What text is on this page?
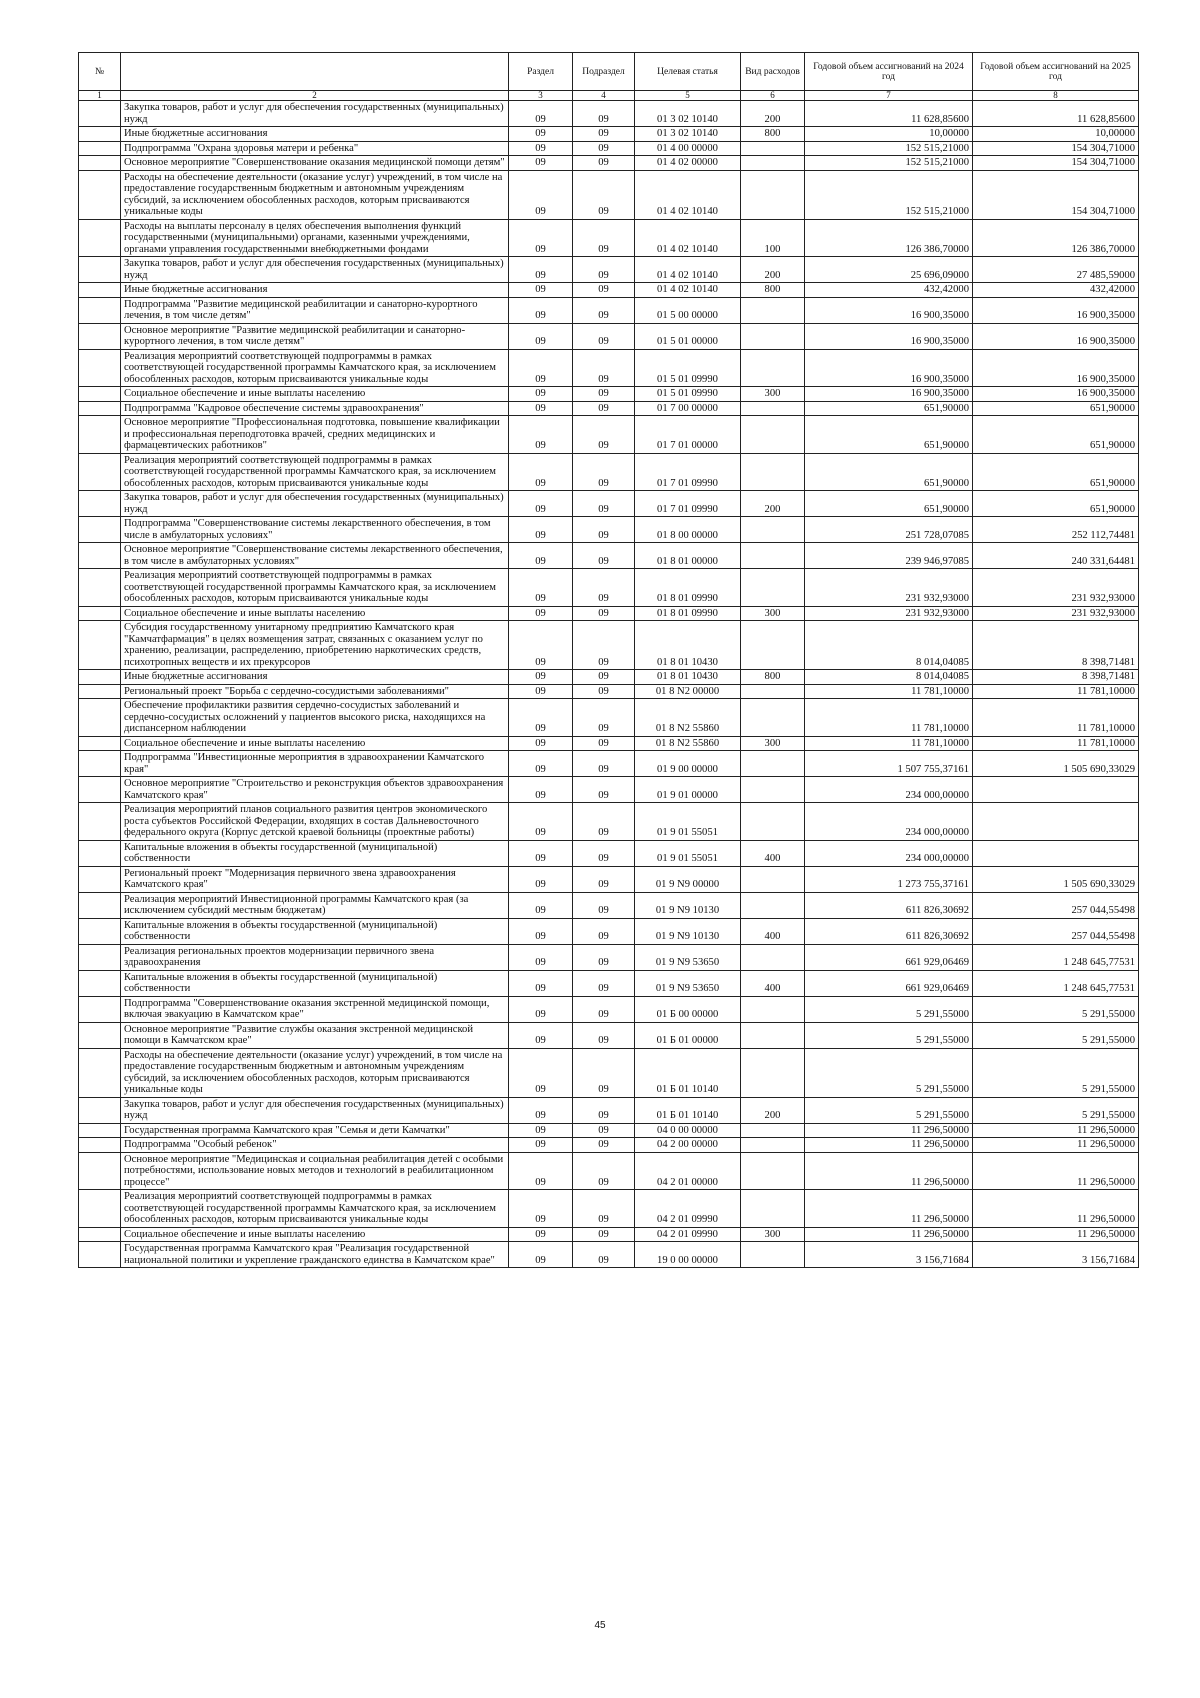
№		Раздел	Подраздел	Целевая статья	Вид расходов	Годовой объем ассигнований на 2024 год	Годовой объем ассигнований на 2025 год
1	2	3	4	5	6	7	8
	Закупка товаров, работ и услуг для обеспечения государственных (муниципальных) нужд	09	09	01 3 02 10140	200	11 628,85600	11 628,85600
	Иные бюджетные ассигнования	09	09	01 3 02 10140	800	10,00000	10,00000
	Подпрограмма "Охрана здоровья матери и ребенка"	09	09	01 4 00 00000		152 515,21000	154 304,71000
	Основное мероприятие "Совершенствование оказания медицинской помощи детям"	09	09	01 4 02 00000		152 515,21000	154 304,71000
	Расходы на обеспечение деятельности (оказание услуг) учреждений, в том числе на предоставление государственным бюджетным и автономным учреждениям субсидий, за исключением обособленных расходов, которым присваиваются уникальные коды	09	09	01 4 02 10140		152 515,21000	154 304,71000
	Расходы на выплаты персоналу в целях обеспечения выполнения функций государственными (муниципальными) органами, казенными учреждениями, органами управления государственными внебюджетными фондами	09	09	01 4 02 10140	100	126 386,70000	126 386,70000
	Закупка товаров, работ и услуг для обеспечения государственных (муниципальных) нужд	09	09	01 4 02 10140	200	25 696,09000	27 485,59000
	Иные бюджетные ассигнования	09	09	01 4 02 10140	800	432,42000	432,42000
	Подпрограмма "Развитие медицинской реабилитации и санаторно-курортного лечения, в том числе детям"	09	09	01 5 00 00000		16 900,35000	16 900,35000
	Основное мероприятие "Развитие медицинской реабилитации и санаторно-курортного лечения, в том числе детям"	09	09	01 5 01 00000		16 900,35000	16 900,35000
	Реализация мероприятий соответствующей подпрограммы в рамках соответствующей государственной программы Камчатского края, за исключением обособленных расходов, которым присваиваются уникальные коды	09	09	01 5 01 09990		16 900,35000	16 900,35000
	Социальное обеспечение и иные выплаты населению	09	09	01 5 01 09990	300	16 900,35000	16 900,35000
	Подпрограмма "Кадровое обеспечение системы здравоохранения"	09	09	01 7 00 00000		651,90000	651,90000
	Основное мероприятие "Профессиональная подготовка, повышение квалификации и профессиональная переподготовка врачей, средних медицинских и фармацевтических работников"	09	09	01 7 01 00000		651,90000	651,90000
	Реализация мероприятий соответствующей подпрограммы в рамках соответствующей государственной программы Камчатского края, за исключением обособленных расходов, которым присваиваются уникальные коды	09	09	01 7 01 09990		651,90000	651,90000
	Закупка товаров, работ и услуг для обеспечения государственных (муниципальных) нужд	09	09	01 7 01 09990	200	651,90000	651,90000
	Подпрограмма "Совершенствование системы лекарственного обеспечения, в том числе в амбулаторных условиях"	09	09	01 8 00 00000		251 728,07085	252 112,74481
	Основное мероприятие "Совершенствование системы лекарственного обеспечения, в том числе в амбулаторных условиях"	09	09	01 8 01 00000		239 946,97085	240 331,64481
	Реализация мероприятий соответствующей подпрограммы в рамках соответствующей государственной программы Камчатского края, за исключением обособленных расходов, которым присваиваются уникальные коды	09	09	01 8 01 09990		231 932,93000	231 932,93000
	Социальное обеспечение и иные выплаты населению	09	09	01 8 01 09990	300	231 932,93000	231 932,93000
	Субсидия государственному унитарному предприятию Камчатского края "Камчатфармация" в целях возмещения затрат, связанных с оказанием услуг по хранению, реализации, распределению, приобретению наркотических средств, психотропных веществ и их прекурсоров	09	09	01 8 01 10430		8 014,04085	8 398,71481
	Иные бюджетные ассигнования	09	09	01 8 01 10430	800	8 014,04085	8 398,71481
	Региональный проект "Борьба с сердечно-сосудистыми заболеваниями"	09	09	01 8 N2 00000		11 781,10000	11 781,10000
	Обеспечение профилактики развития сердечно-сосудистых заболеваний и сердечно-сосудистых осложнений у пациентов высокого риска, находящихся на диспансерном наблюдении	09	09	01 8 N2 55860		11 781,10000	11 781,10000
	Социальное обеспечение и иные выплаты населению	09	09	01 8 N2 55860	300	11 781,10000	11 781,10000
	Подпрограмма "Инвестиционные мероприятия в здравоохранении Камчатского края"	09	09	01 9 00 00000		1 507 755,37161	1 505 690,33029
	Основное мероприятие "Строительство и реконструкция объектов здравоохранения Камчатского края"	09	09	01 9 01 00000		234 000,00000	
	Реализация мероприятий планов социального развития центров экономического роста субъектов Российской Федерации, входящих в состав Дальневосточного федерального округа (Корпус детской краевой больницы (проектные работы)	09	09	01 9 01 55051		234 000,00000	
	Капитальные вложения в объекты государственной (муниципальной) собственности	09	09	01 9 01 55051	400	234 000,00000	
	Региональный проект "Модернизация первичного звена здравоохранения Камчатского края"	09	09	01 9 N9 00000		1 273 755,37161	1 505 690,33029
	Реализация мероприятий Инвестиционной программы Камчатского края (за исключением субсидий местным бюджетам)	09	09	01 9 N9 10130		611 826,30692	257 044,55498
	Капитальные вложения в объекты государственной (муниципальной) собственности	09	09	01 9 N9 10130	400	611 826,30692	257 044,55498
	Реализация региональных проектов модернизации первичного звена здравоохранения	09	09	01 9 N9 53650		661 929,06469	1 248 645,77531
	Капитальные вложения в объекты государственной (муниципальной) собственности	09	09	01 9 N9 53650	400	661 929,06469	1 248 645,77531
	Подпрограмма "Совершенствование оказания экстренной медицинской помощи, включая эвакуацию в Камчатском крае"	09	09	01 Б 00 00000		5 291,55000	5 291,55000
	Основное мероприятие "Развитие службы оказания экстренной медицинской помощи в Камчатском крае"	09	09	01 Б 01 00000		5 291,55000	5 291,55000
	Расходы на обеспечение деятельности (оказание услуг) учреждений, в том числе на предоставление государственным бюджетным и автономным учреждениям субсидий, за исключением обособленных расходов, которым присваиваются уникальные коды	09	09	01 Б 01 10140		5 291,55000	5 291,55000
	Закупка товаров, работ и услуг для обеспечения государственных (муниципальных) нужд	09	09	01 Б 01 10140	200	5 291,55000	5 291,55000
	Государственная программа Камчатского края "Семья и дети Камчатки"	09	09	04 0 00 00000		11 296,50000	11 296,50000
	Подпрограмма "Особый ребенок"	09	09	04 2 00 00000		11 296,50000	11 296,50000
	Основное мероприятие "Медицинская и социальная реабилитация детей с особыми потребностями, использование новых методов и технологий в реабилитационном процессе"	09	09	04 2 01 00000		11 296,50000	11 296,50000
	Реализация мероприятий соответствующей подпрограммы в рамках соответствующей государственной программы Камчатского края, за исключением обособленных расходов, которым присваиваются уникальные коды	09	09	04 2 01 09990		11 296,50000	11 296,50000
	Социальное обеспечение и иные выплаты населению	09	09	04 2 01 09990	300	11 296,50000	11 296,50000
	Государственная программа Камчатского края "Реализация государственной национальной политики и укрепление гражданского единства в Камчатском крае"	09	09	19 0 00 00000		3 156,71684	3 156,71684
45
